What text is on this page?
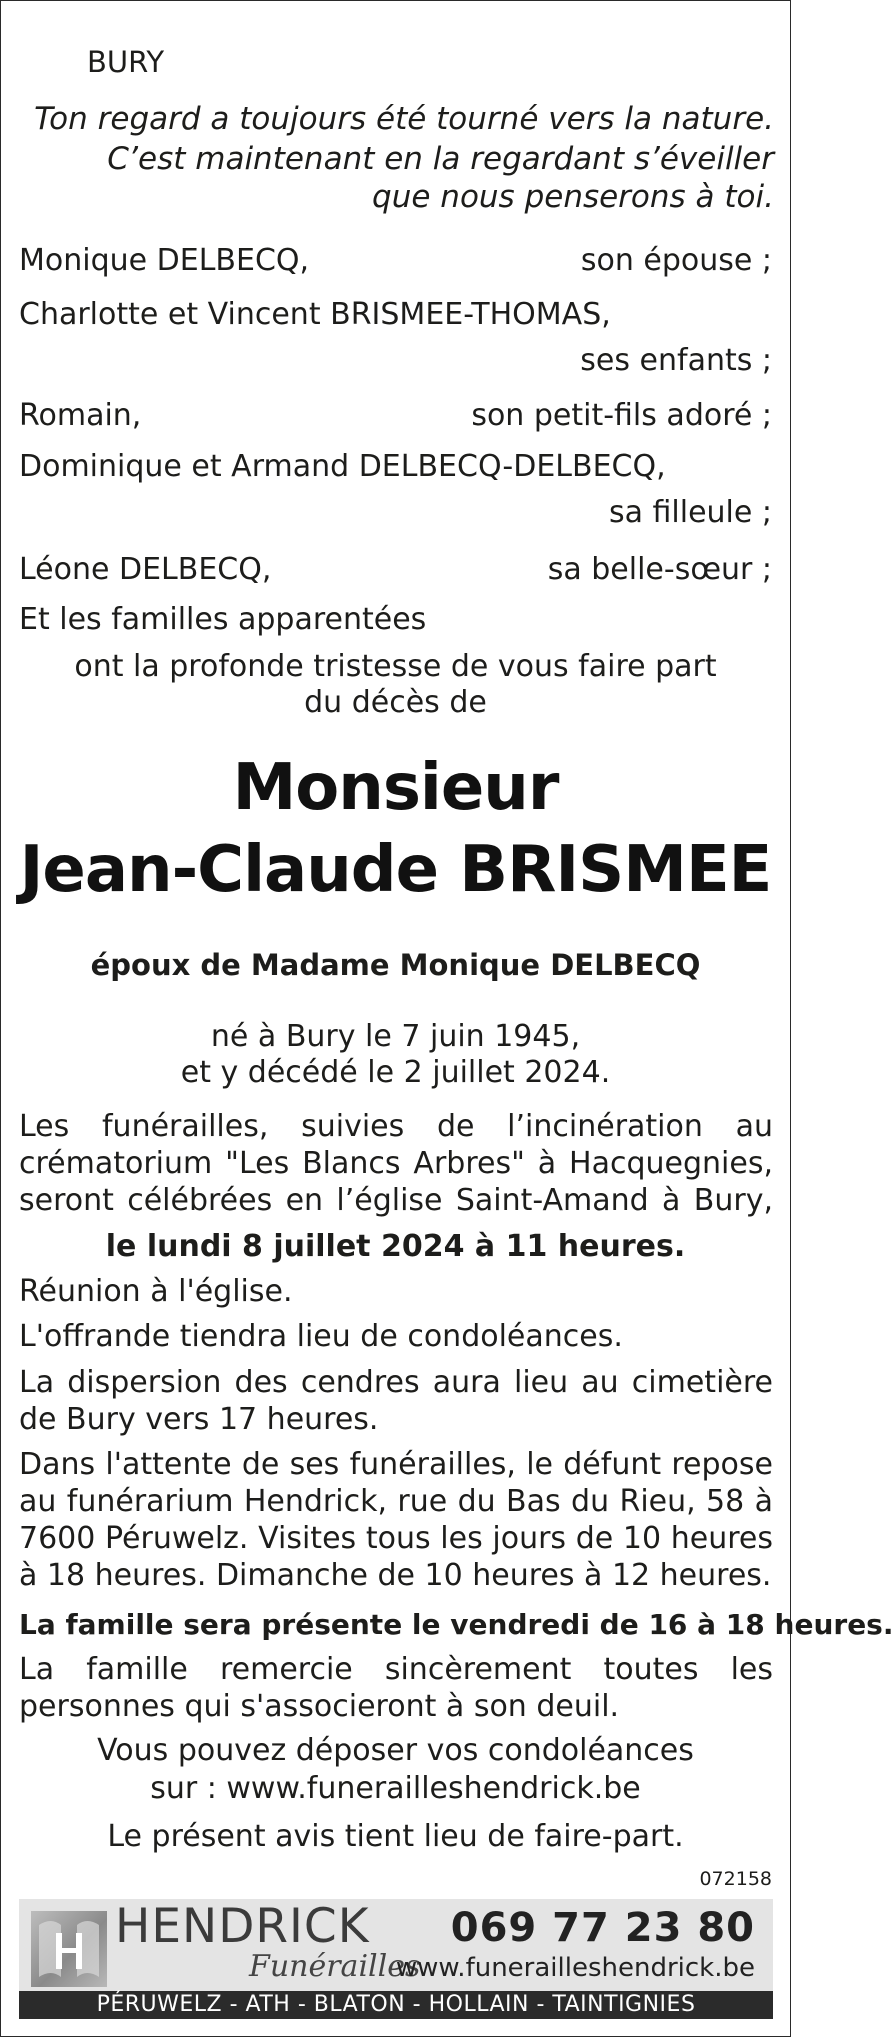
BURY
Ton regard a toujours été tourné vers la nature.
C’est maintenant en la regardant s’éveiller
que nous penserons à toi.
Monique DELBECQ,	son épouse ;
Charlotte et Vincent BRISMEE-THOMAS,
ses enfants ;
Romain,	son petit-fils adoré ;
Dominique et Armand DELBECQ-DELBECQ,
sa filleule ;
Léone DELBECQ,	sa belle-sœur ;
Et les familles apparentées
ont la profonde tristesse de vous faire part
du décès de
Monsieur
Jean-Claude BRISMEE
époux de Madame Monique DELBECQ
né à Bury le 7 juin 1945,
et y décédé le 2 juillet 2024.
Les funérailles, suivies de l’incinération au crématorium "Les Blancs Arbres" à Hacquegnies, seront célébrées en l’église Saint-Amand à Bury,
le lundi 8 juillet 2024 à 11 heures.
Réunion à l'église.
L'offrande tiendra lieu de condoléances.
La dispersion des cendres aura lieu au cimetière de Bury vers 17 heures.
Dans l'attente de ses funérailles, le défunt repose au funérarium Hendrick, rue du Bas du Rieu, 58 à 7600 Péruwelz. Visites tous les jours de 10 heures à 18 heures. Dimanche de 10 heures à 12 heures.
La famille sera présente le vendredi de 16 à 18 heures.
La famille remercie sincèrement toutes les personnes qui s'associeront à son deuil.
Vous pouvez déposer vos condoléances
sur : www.funerailleshendrick.be
Le présent avis tient lieu de faire-part.
072158
HENDRICK
Funérailles
069 77 23 80
www.funerailleshendrick.be
PÉRUWELZ - ATH - BLATON - HOLLAIN - TAINTIGNIES
